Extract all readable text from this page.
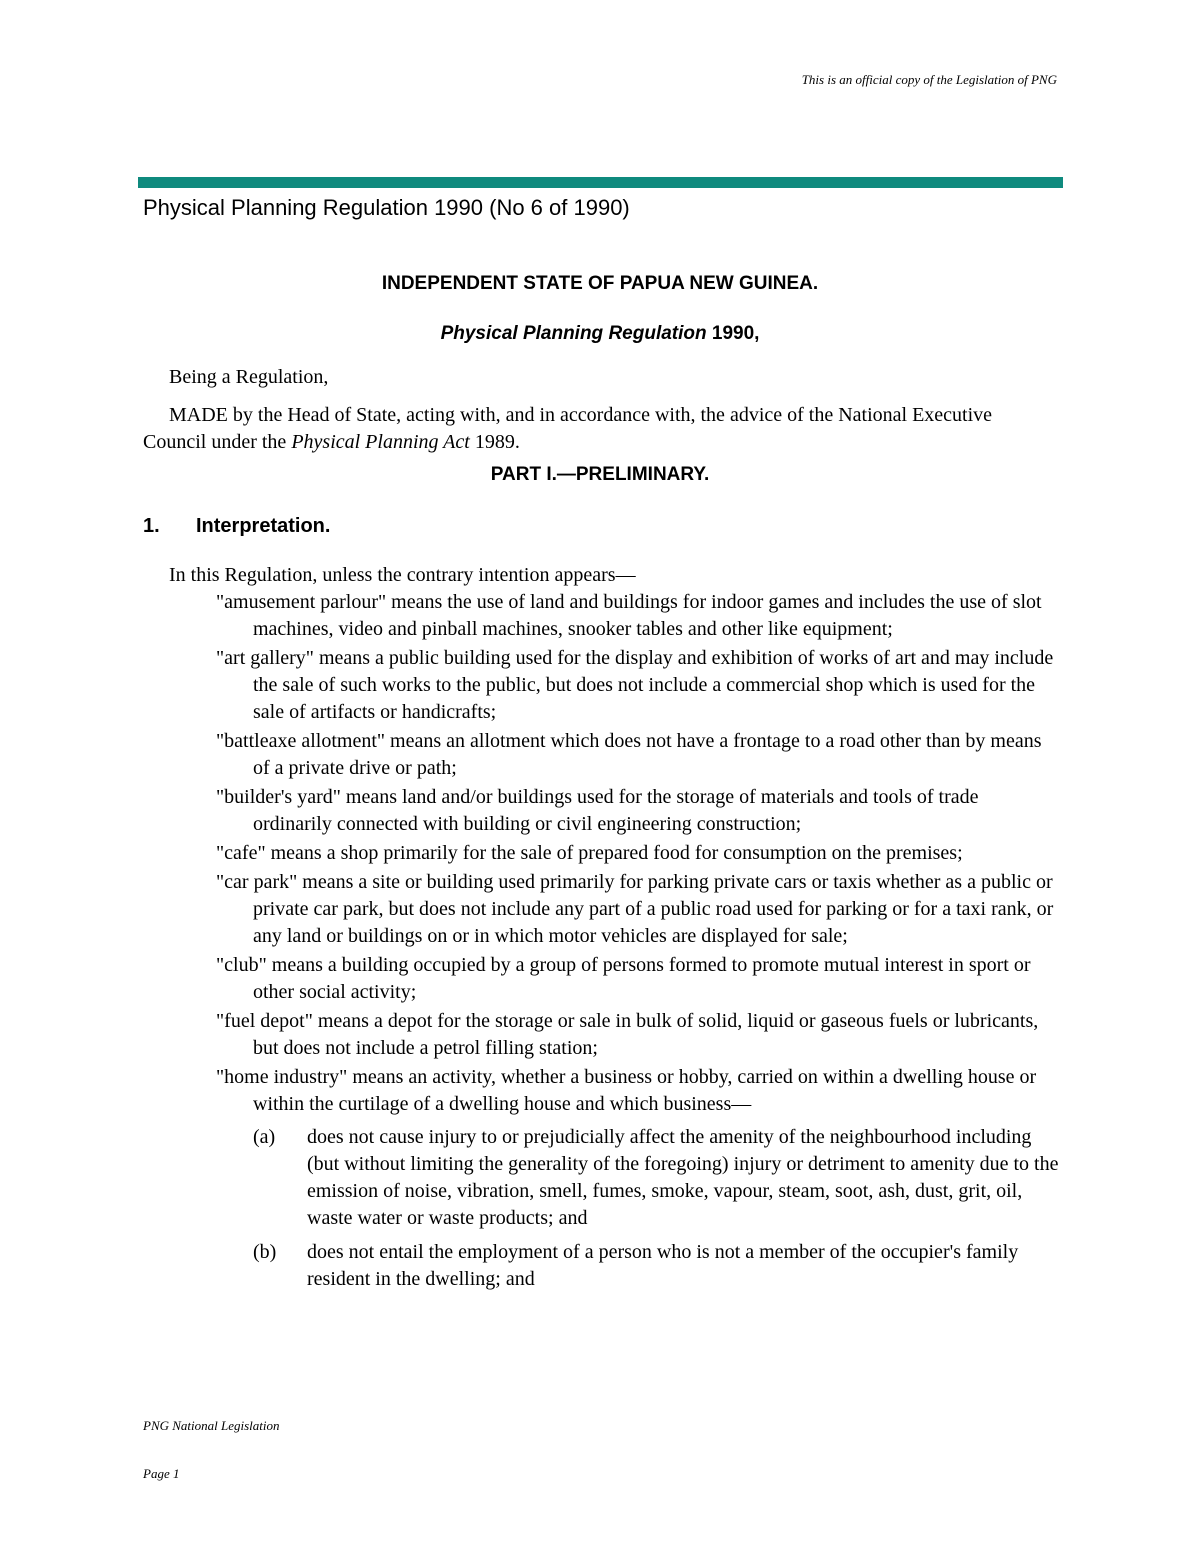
This is an official copy of the Legislation of PNG
Physical Planning Regulation 1990 (No 6 of 1990)
INDEPENDENT STATE OF PAPUA NEW GUINEA.
Physical Planning Regulation 1990,
Being a Regulation,
MADE by the Head of State, acting with, and in accordance with, the advice of the National Executive Council under the Physical Planning Act 1989.
PART I.—PRELIMINARY.
1. Interpretation.
In this Regulation, unless the contrary intention appears—
"amusement parlour" means the use of land and buildings for indoor games and includes the use of slot machines, video and pinball machines, snooker tables and other like equipment;
"art gallery" means a public building used for the display and exhibition of works of art and may include the sale of such works to the public, but does not include a commercial shop which is used for the sale of artifacts or handicrafts;
"battleaxe allotment" means an allotment which does not have a frontage to a road other than by means of a private drive or path;
"builder's yard" means land and/or buildings used for the storage of materials and tools of trade ordinarily connected with building or civil engineering construction;
"cafe" means a shop primarily for the sale of prepared food for consumption on the premises;
"car park" means a site or building used primarily for parking private cars or taxis whether as a public or private car park, but does not include any part of a public road used for parking or for a taxi rank, or any land or buildings on or in which motor vehicles are displayed for sale;
"club" means a building occupied by a group of persons formed to promote mutual interest in sport or other social activity;
"fuel depot" means a depot for the storage or sale in bulk of solid, liquid or gaseous fuels or lubricants, but does not include a petrol filling station;
"home industry" means an activity, whether a business or hobby, carried on within a dwelling house or within the curtilage of a dwelling house and which business—
(a) does not cause injury to or prejudicially affect the amenity of the neighbourhood including (but without limiting the generality of the foregoing) injury or detriment to amenity due to the emission of noise, vibration, smell, fumes, smoke, vapour, steam, soot, ash, dust, grit, oil, waste water or waste products; and
(b) does not entail the employment of a person who is not a member of the occupier's family resident in the dwelling; and
PNG National Legislation
Page 1
